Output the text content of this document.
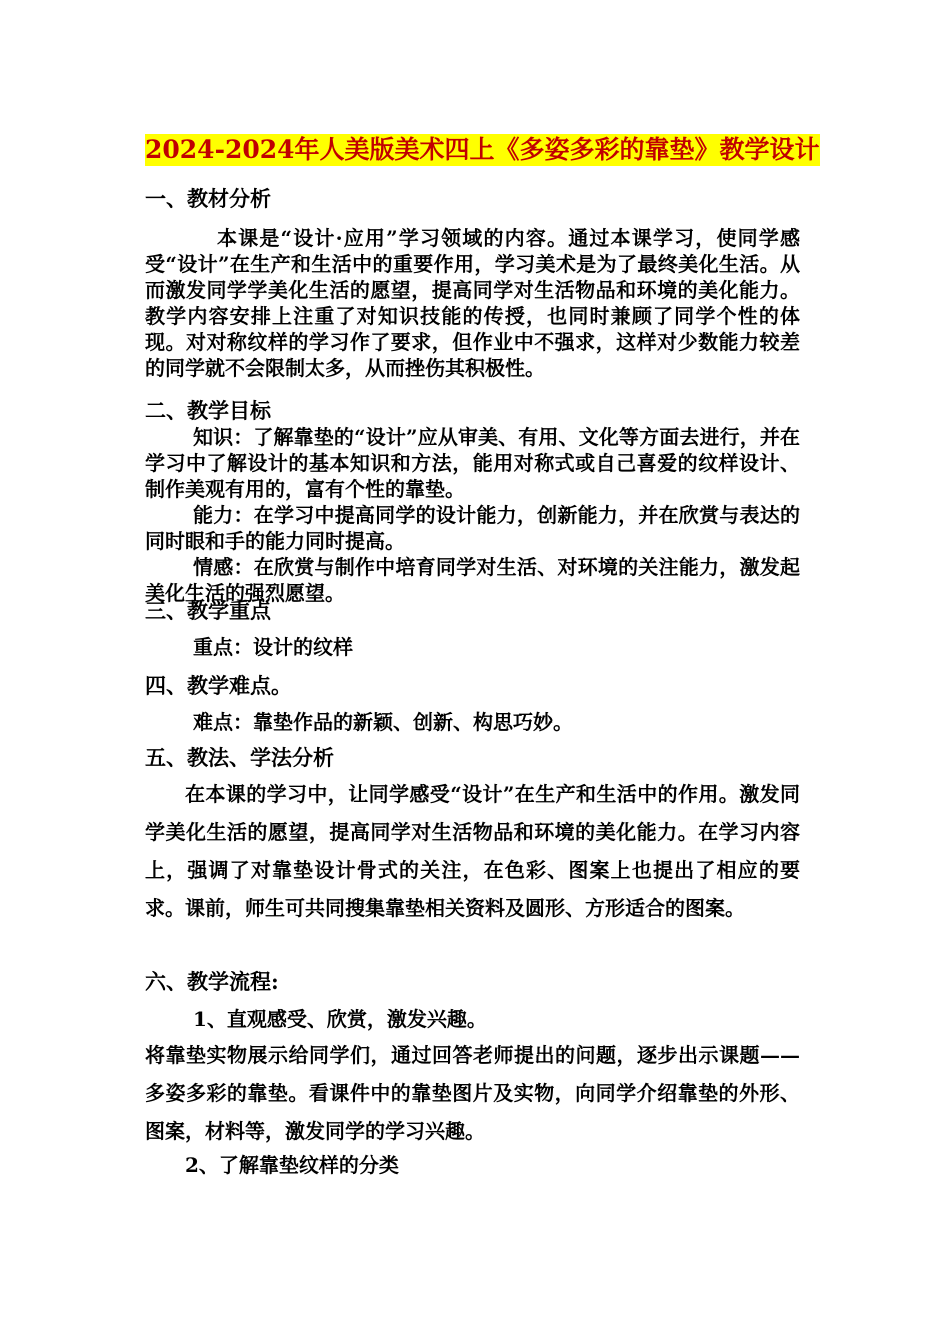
2024-2024年人美版美术四上《多姿多彩的靠垫》教学设计
一、教材分析
本课是“设计·应用”学习领域的内容。通过本课学习，使同学感受“设计”在生产和生活中的重要作用，学习美术是为了最终美化生活。从而激发同学学美化生活的愿望，提高同学对生活物品和环境的美化能力。教学内容安排上注重了对知识技能的传授，也同时兼顾了同学个性的体现。对对称纹样的学习作了要求，但作业中不强求，这样对少数能力较差的同学就不会限制太多，从而挫伤其积极性。
二、教学目标
知识：了解靠垫的“设计”应从审美、有用、文化等方面去进行，并在学习中了解设计的基本知识和方法，能用对称式或自己喜爱的纹样设计、制作美观有用的，富有个性的靠垫。
能力：在学习中提高同学的设计能力，创新能力，并在欣赏与表达的同时眼和手的能力同时提高。
情感：在欣赏与制作中培育同学对生活、对环境的关注能力，激发起美化生活的强烈愿望。
三、教学重点
重点：设计的纹样
四、教学难点。
难点：靠垫作品的新颖、创新、构思巧妙。
五、教法、学法分析
在本课的学习中，让同学感受“设计”在生产和生活中的作用。激发同学美化生活的愿望，提高同学对生活物品和环境的美化能力。在学习内容上，强调了对靠垫设计骨式的关注，在色彩、图案上也提出了相应的要求。课前，师生可共同搜集靠垫相关资料及圆形、方形适合的图案。
六、教学流程:
1、直观感受、欣赏，激发兴趣。
将靠垫实物展示给同学们，通过回答老师提出的问题，逐步出示课题——多姿多彩的靠垫。看课件中的靠垫图片及实物，向同学介绍靠垫的外形、图案，材料等，激发同学的学习兴趣。
2、了解靠垫纹样的分类
